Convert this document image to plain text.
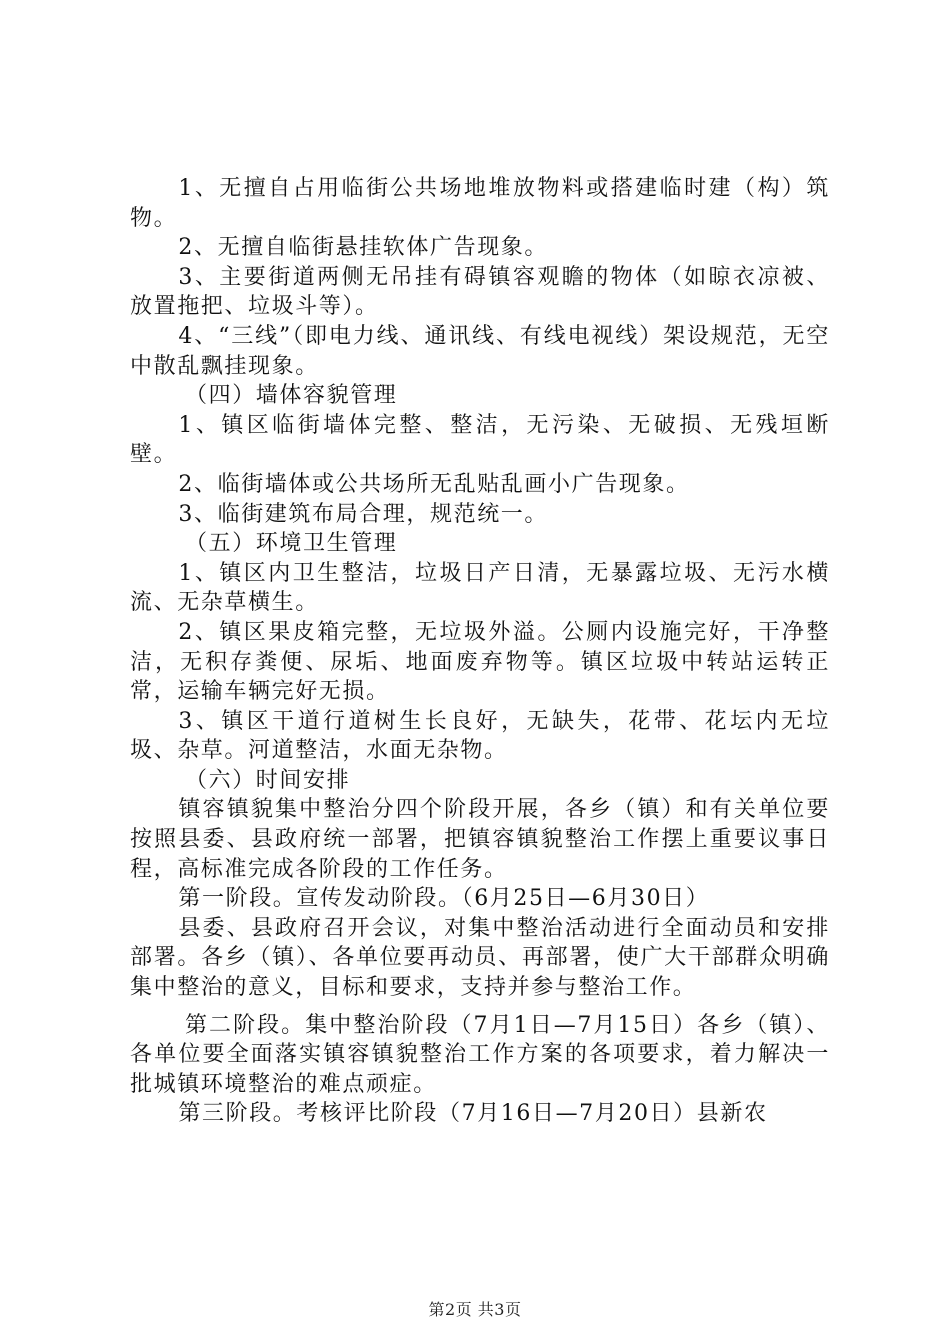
1、无擅自占用临街公共场地堆放物料或搭建临时建（构）筑物。

2、无擅自临街悬挂软体广告现象。

3、主要街道两侧无吊挂有碍镇容观瞻的物体（如晾衣凉被、放置拖把、垃圾斗等）。

4、“三线”（即电力线、通讯线、有线电视线）架设规范，无空中散乱飘挂现象。

（四）墙体容貌管理

1、镇区临街墙体完整、整洁，无污染、无破损、无残垣断壁。

2、临街墙体或公共场所无乱贴乱画小广告现象。

3、临街建筑布局合理，规范统一。

（五）环境卫生管理

1、镇区内卫生整洁，垃圾日产日清，无暴露垃圾、无污水横流、无杂草横生。

2、镇区果皮箱完整，无垃圾外溢。公厕内设施完好，干净整洁，无积存粪便、尿垢、地面废弃物等。镇区垃圾中转站运转正常，运输车辆完好无损。

3、镇区干道行道树生长良好，无缺失，花带、花坛内无垃圾、杂草。河道整洁，水面无杂物。

（六）时间安排

镇容镇貌集中整治分四个阶段开展，各乡（镇）和有关单位要按照县委、县政府统一部署，把镇容镇貌整治工作摆上重要议事日程，高标准完成各阶段的工作任务。

第一阶段。宣传发动阶段。（6月25日—6月30日）

县委、县政府召开会议，对集中整治活动进行全面动员和安排部署。各乡（镇）、各单位要再动员、再部署，使广大干部群众明确集中整治的意义，目标和要求，支持并参与整治工作。

第二阶段。集中整治阶段（7月1日—7月15日）各乡（镇）、各单位要全面落实镇容镇貌整治工作方案的各项要求，着力解决一批城镇环境整治的难点顽症。

第三阶段。考核评比阶段（7月16日—7月20日）县新农

第2页 共3页
